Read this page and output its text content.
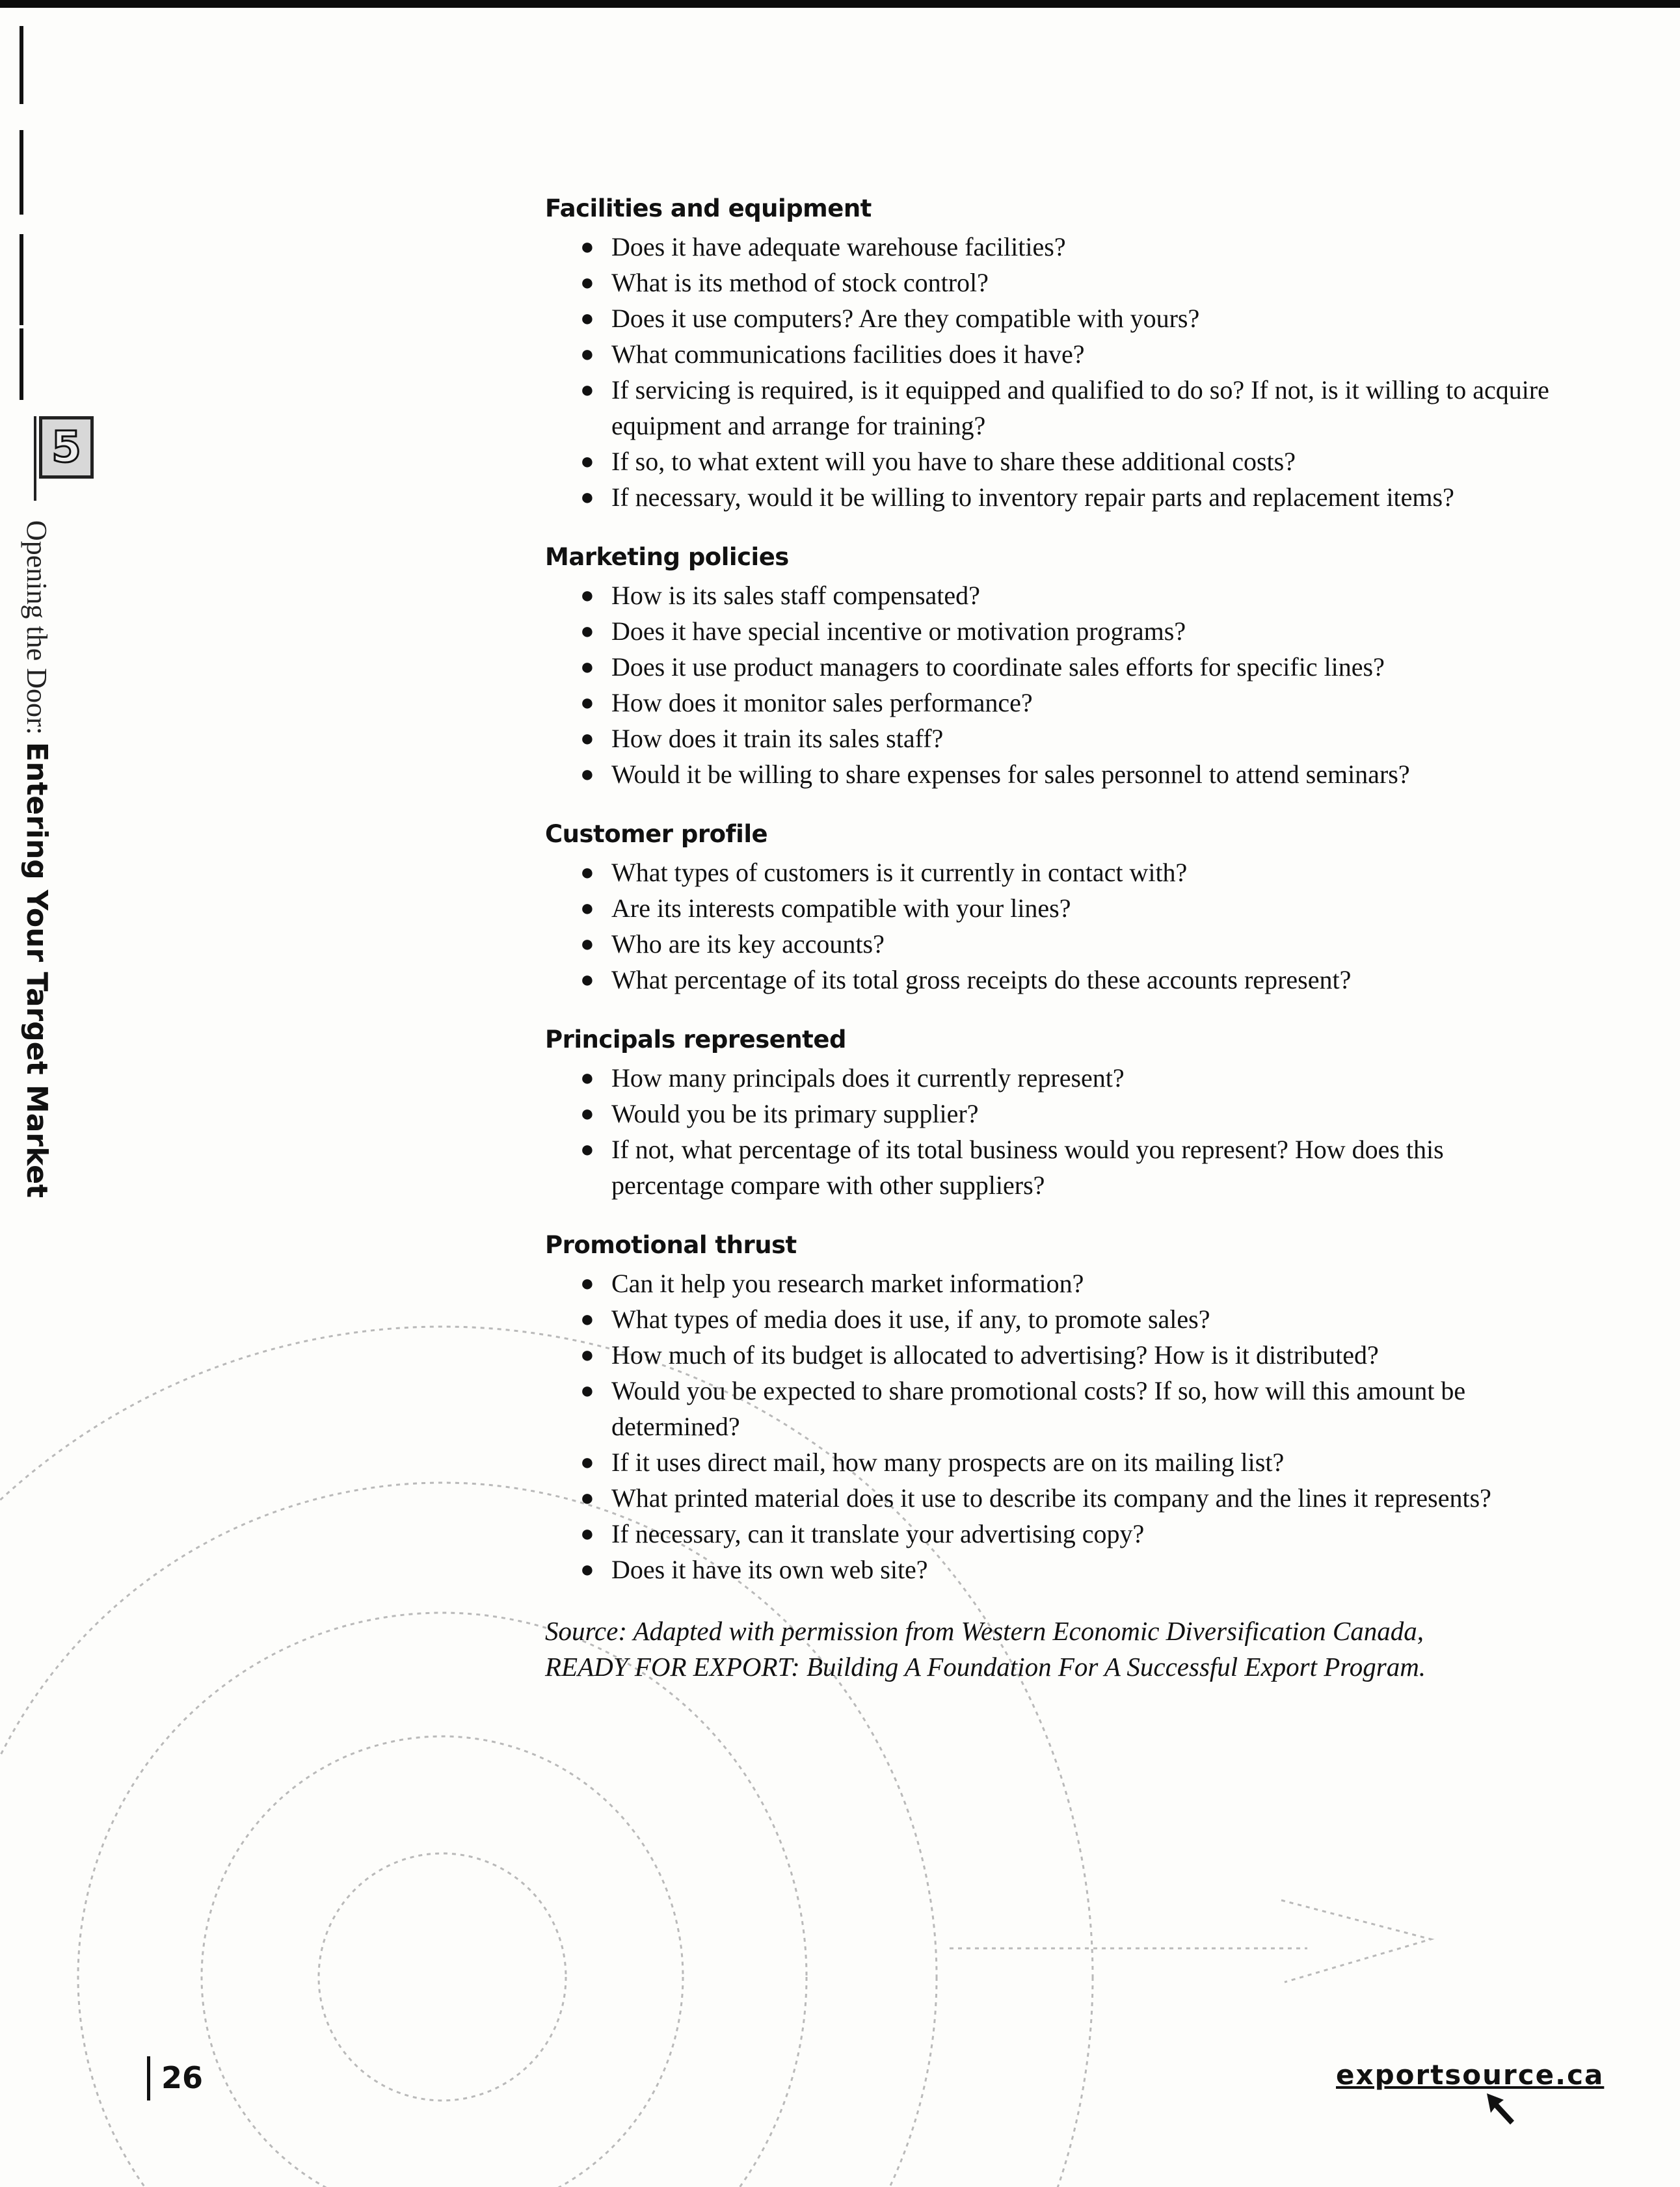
5
Opening the Door: Entering Your Target Market
Facilities and equipment
● Does it have adequate warehouse facilities?
● What is its method of stock control?
● Does it use computers? Are they compatible with yours?
● What communications facilities does it have?
● If servicing is required, is it equipped and qualified to do so? If not, is it willing to acquire equipment and arrange for training?
● If so, to what extent will you have to share these additional costs?
● If necessary, would it be willing to inventory repair parts and replacement items?
Marketing policies
● How is its sales staff compensated?
● Does it have special incentive or motivation programs?
● Does it use product managers to coordinate sales efforts for specific lines?
● How does it monitor sales performance?
● How does it train its sales staff?
● Would it be willing to share expenses for sales personnel to attend seminars?
Customer profile
● What types of customers is it currently in contact with?
● Are its interests compatible with your lines?
● Who are its key accounts?
● What percentage of its total gross receipts do these accounts represent?
Principals represented
● How many principals does it currently represent?
● Would you be its primary supplier?
● If not, what percentage of its total business would you represent? How does this percentage compare with other suppliers?
Promotional thrust
● Can it help you research market information?
● What types of media does it use, if any, to promote sales?
● How much of its budget is allocated to advertising? How is it distributed?
● Would you be expected to share promotional costs? If so, how will this amount be determined?
● If it uses direct mail, how many prospects are on its mailing list?
● What printed material does it use to describe its company and the lines it represents?
● If necessary, can it translate your advertising copy?
● Does it have its own web site?
Source: Adapted with permission from Western Economic Diversification Canada,
READY FOR EXPORT: Building A Foundation For A Successful Export Program.
26	exportsource.ca
